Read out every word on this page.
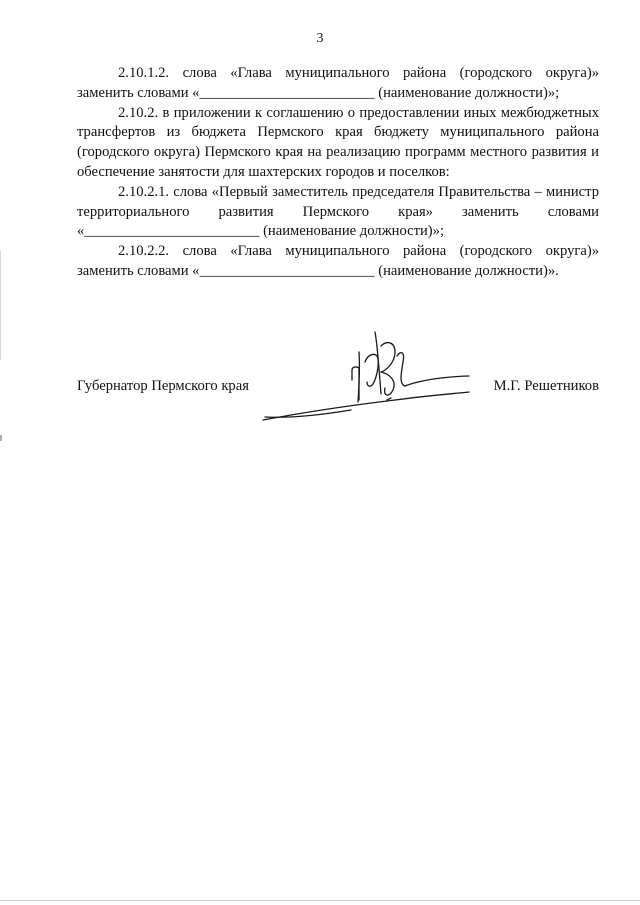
3

2.10.1.2. слова «Глава муниципального района (городского округа)» заменить словами «________________________ (наименование должности)»;

2.10.2. в приложении к соглашению о предоставлении иных межбюджетных трансфертов из бюджета Пермского края бюджету муниципального района (городского округа) Пермского края на реализацию программ местного развития и обеспечение занятости для шахтерских городов и поселков:

2.10.2.1. слова «Первый заместитель председателя Правительства – министр территориального развития Пермского края» заменить словами «________________________ (наименование должности)»;

2.10.2.2. слова «Глава муниципального района (городского округа)» заменить словами «________________________ (наименование должности)».

Губернатор Пермского края	М.Г. Решетников
